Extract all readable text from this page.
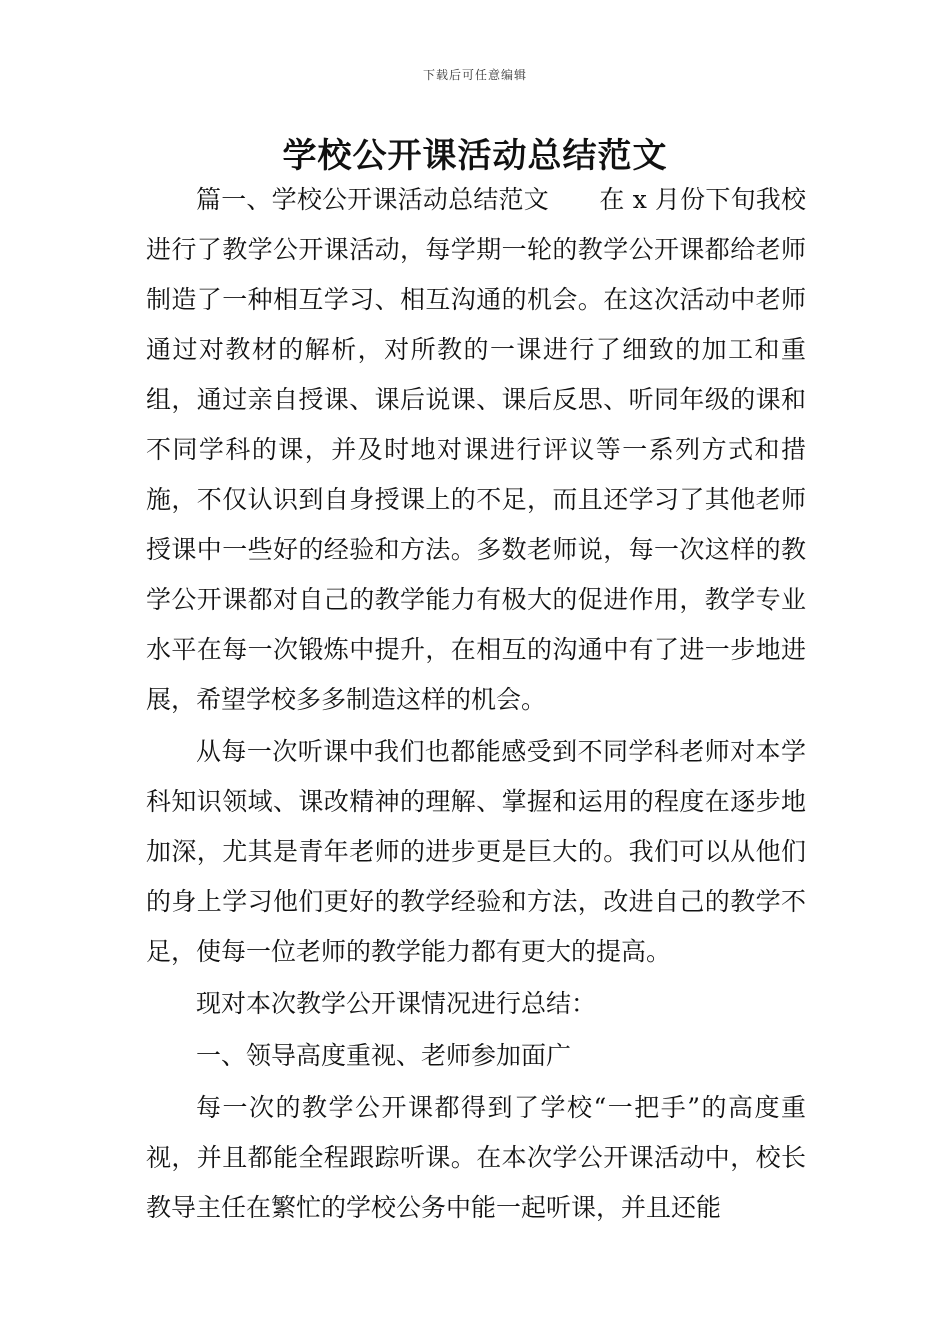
下载后可任意编辑
学校公开课活动总结范文

篇一、学校公开课活动总结范文　　在 x 月份下旬我校进行了教学公开课活动，每学期一轮的教学公开课都给老师制造了一种相互学习、相互沟通的机会。在这次活动中老师通过对教材的解析，对所教的一课进行了细致的加工和重组，通过亲自授课、课后说课、课后反思、听同年级的课和不同学科的课，并及时地对课进行评议等一系列方式和措施，不仅认识到自身授课上的不足，而且还学习了其他老师授课中一些好的经验和方法。多数老师说，每一次这样的教学公开课都对自己的教学能力有极大的促进作用，教学专业水平在每一次锻炼中提升，在相互的沟通中有了进一步地进展，希望学校多多制造这样的机会。

从每一次听课中我们也都能感受到不同学科老师对本学科知识领域、课改精神的理解、掌握和运用的程度在逐步地加深，尤其是青年老师的进步更是巨大的。我们可以从他们的身上学习他们更好的教学经验和方法，改进自己的教学不足，使每一位老师的教学能力都有更大的提高。

现对本次教学公开课情况进行总结：

一、领导高度重视、老师参加面广

每一次的教学公开课都得到了学校“一把手”的高度重视，并且都能全程跟踪听课。在本次学公开课活动中，校长教导主任在繁忙的学校公务中能一起听课，并且还能
